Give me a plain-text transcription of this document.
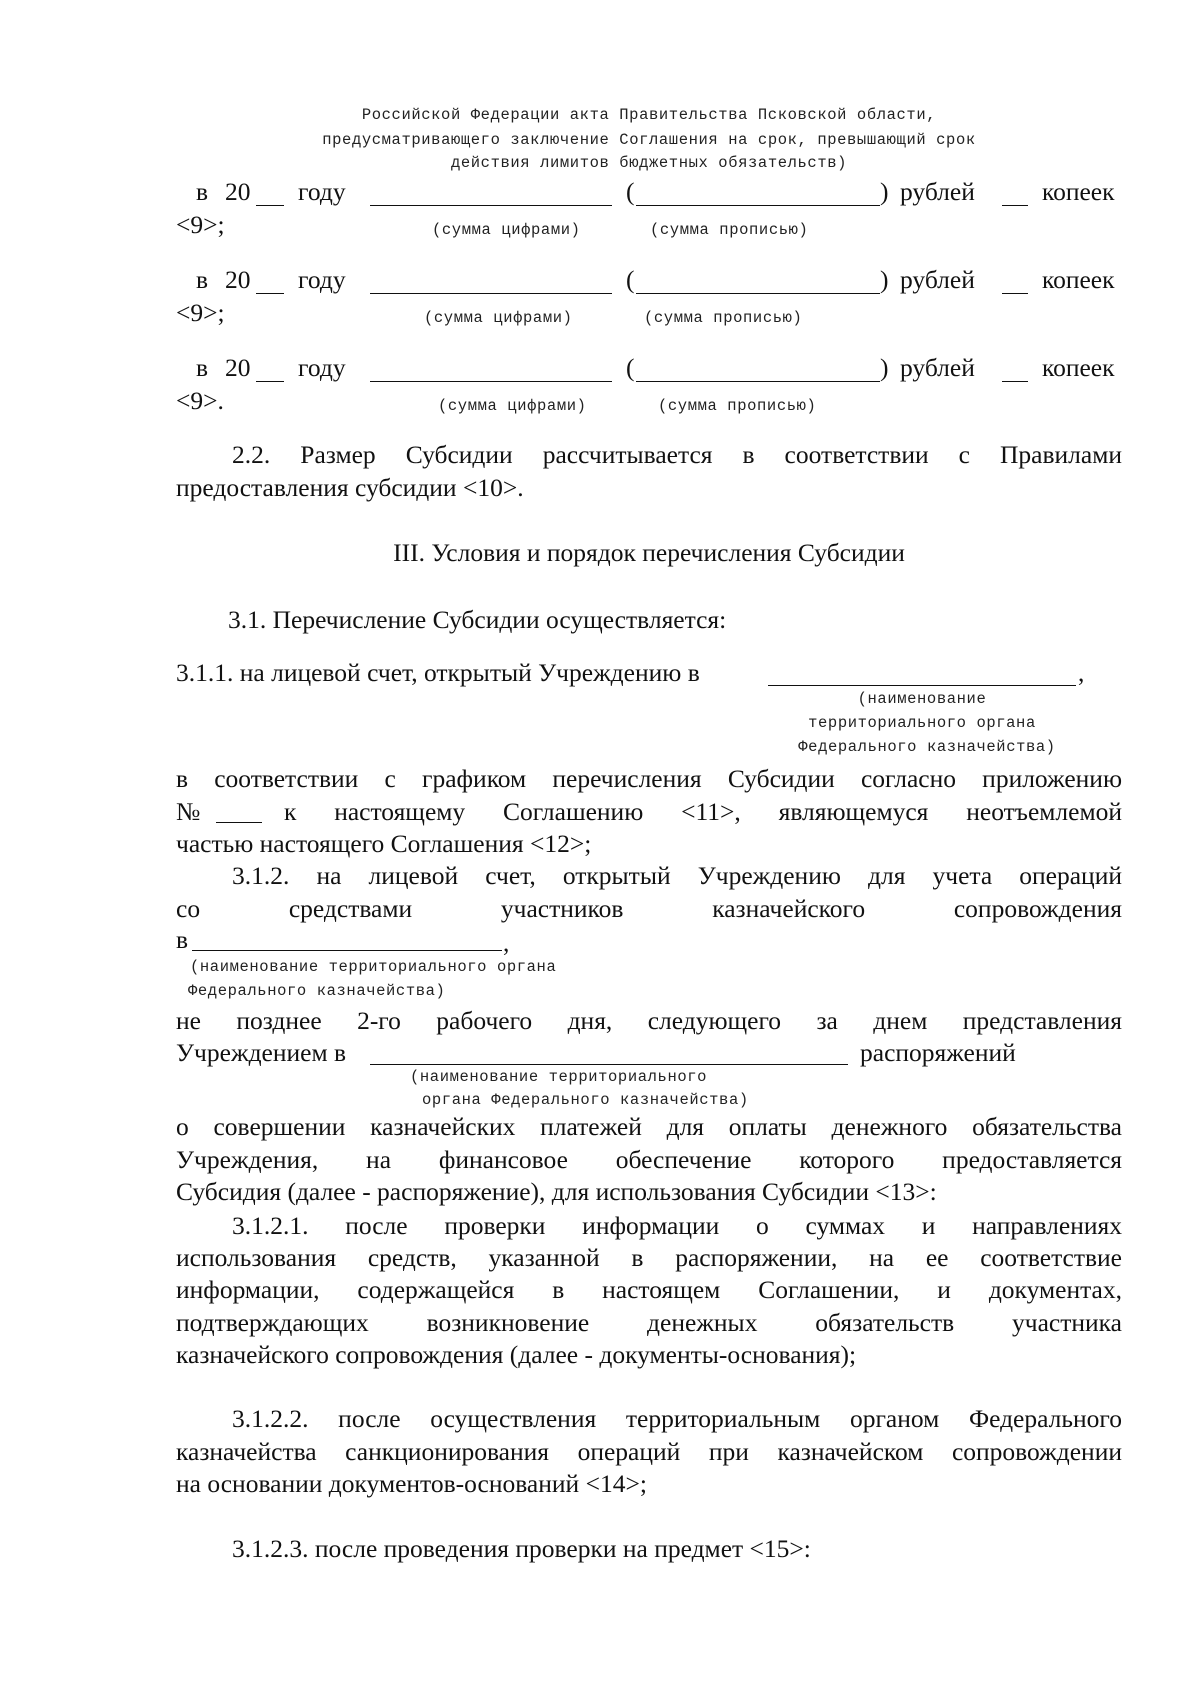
Российской Федерации акта Правительства Псковской области,
предусматривающего заключение Соглашения на срок, превышающий срок
действия лимитов бюджетных обязательств)
в 20 году	(	) рублей	копеек
<9>;	(сумма цифрами)	(сумма прописью)
в 20 году	(	) рублей	копеек
<9>;	(сумма цифрами)	(сумма прописью)
в 20 году	(	) рублей	копеек
<9>.	(сумма цифрами)	(сумма прописью)
2.2. Размер Субсидии рассчитывается в соответствии с Правилами
предоставления субсидии <10>.
III. Условия и порядок перечисления Субсидии
3.1. Перечисление Субсидии осуществляется:
3.1.1. на лицевой счет, открытый Учреждению в	,
(наименование
территориального органа
Федерального казначейства)
в соответствии с графиком перечисления Субсидии согласно приложению
№	к настоящему Соглашению <11>, являющемуся неотъемлемой
частью настоящего Соглашения <12>;
3.1.2. на лицевой счет, открытый Учреждению для учета операций
со средствами участников казначейского сопровождения
в	,
(наименование территориального органа
Федерального казначейства)
не позднее 2-го рабочего дня, следующего за днем представления
Учреждением в	распоряжений
(наименование территориального
органа Федерального казначейства)
о совершении казначейских платежей для оплаты денежного обязательства
Учреждения, на финансовое обеспечение которого предоставляется
Субсидия (далее - распоряжение), для использования Субсидии <13>:
3.1.2.1. после проверки информации о суммах и направлениях
использования средств, указанной в распоряжении, на ее соответствие
информации, содержащейся в настоящем Соглашении, и документах,
подтверждающих возникновение денежных обязательств участника
казначейского сопровождения (далее - документы-основания);
3.1.2.2. после осуществления территориальным органом Федерального
казначейства санкционирования операций при казначейском сопровождении
на основании документов-оснований <14>;
3.1.2.3. после проведения проверки на предмет <15>:
